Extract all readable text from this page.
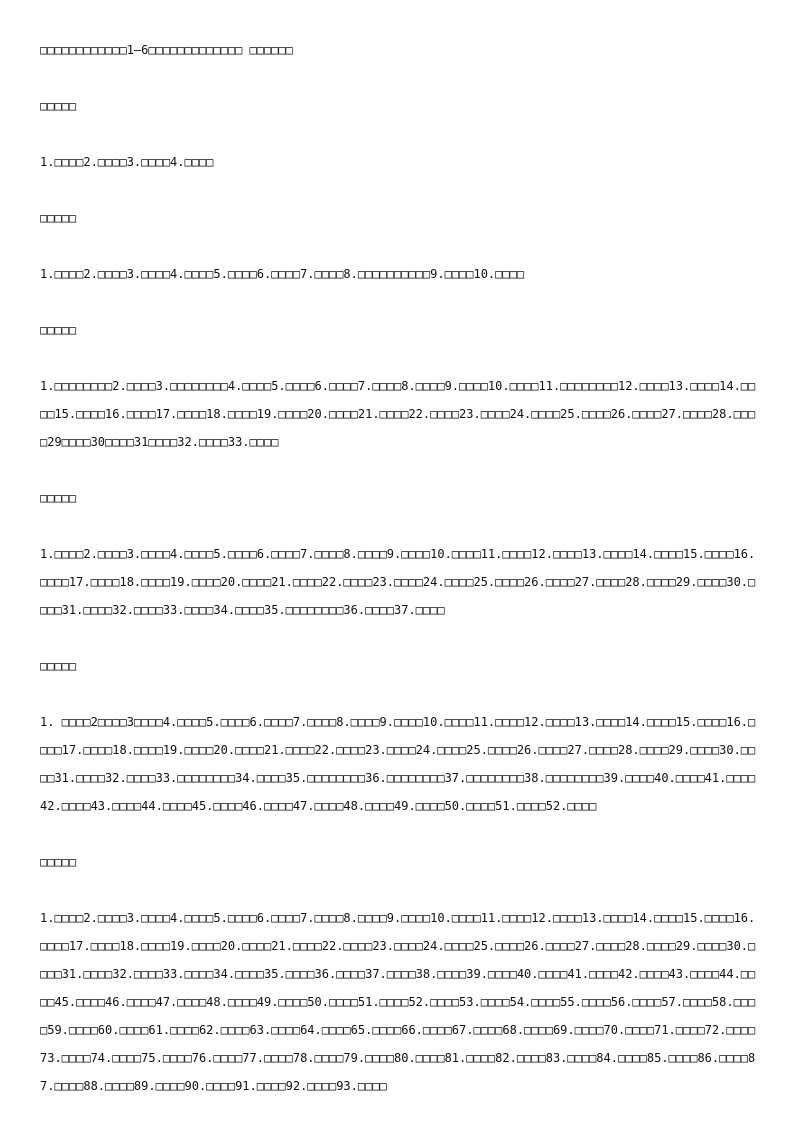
□□□□□□□□□□□□1—6□□□□□□□□□□□□□ □□□□□□
□□□□□
1.□□□□2.□□□□3.□□□□4.□□□□
□□□□□
1.□□□□2.□□□□3.□□□□4.□□□□5.□□□□6.□□□□7.□□□□8.□□□□□□□□□□9.□□□□10.□□□□
□□□□□
1.□□□□□□□□2.□□□□3.□□□□□□□□4.□□□□5.□□□□6.□□□□7.□□□□8.□□□□9.□□□□10.□□□□11.□□□□□□□□12.□□□□13.□□□□14.□□□□15.□□□□16.□□□□17.□□□□18.□□□□19.□□□□20.□□□□21.□□□□22.□□□□23.□□□□24.□□□□25.□□□□26.□□□□27.□□□□28.□□□□29□□□□30□□□□31□□□□32.□□□□33.□□□□
□□□□□
1.□□□□2.□□□□3.□□□□4.□□□□5.□□□□6.□□□□7.□□□□8.□□□□9.□□□□10.□□□□11.□□□□12.□□□□13.□□□□14.□□□□15.□□□□16.□□□□17.□□□□18.□□□□19.□□□□20.□□□□21.□□□□22.□□□□23.□□□□24.□□□□25.□□□□26.□□□□27.□□□□28.□□□□29.□□□□30.□□□□31.□□□□32.□□□□33.□□□□34.□□□□35.□□□□□□□□36.□□□□37.□□□□
□□□□□
1. □□□□2□□□□3□□□□4.□□□□5.□□□□6.□□□□7.□□□□8.□□□□9.□□□□10.□□□□11.□□□□12.□□□□13.□□□□14.□□□□15.□□□□16.□□□□17.□□□□18.□□□□19.□□□□20.□□□□21.□□□□22.□□□□23.□□□□24.□□□□25.□□□□26.□□□□27.□□□□28.□□□□29.□□□□30.□□□□31.□□□□32.□□□□33.□□□□□□□□34.□□□□35.□□□□□□□□36.□□□□□□□□37.□□□□□□□□38.□□□□□□□□39.□□□□40.□□□□41.□□□□42.□□□□43.□□□□44.□□□□45.□□□□46.□□□□47.□□□□48.□□□□49.□□□□50.□□□□51.□□□□52.□□□□
□□□□□
1.□□□□2.□□□□3.□□□□4.□□□□5.□□□□6.□□□□7.□□□□8.□□□□9.□□□□10.□□□□11.□□□□12.□□□□13.□□□□14.□□□□15.□□□□16.□□□□17.□□□□18.□□□□19.□□□□20.□□□□21.□□□□22.□□□□23.□□□□24.□□□□25.□□□□26.□□□□27.□□□□28.□□□□29.□□□□30.□□□□31.□□□□32.□□□□33.□□□□34.□□□□35.□□□□36.□□□□37.□□□□38.□□□□39.□□□□40.□□□□41.□□□□42.□□□□43.□□□□44.□□□□45.□□□□46.□□□□47.□□□□48.□□□□49.□□□□50.□□□□51.□□□□52.□□□□53.□□□□54.□□□□55.□□□□56.□□□□57.□□□□58.□□□□59.□□□□60.□□□□61.□□□□62.□□□□63.□□□□64.□□□□65.□□□□66.□□□□67.□□□□68.□□□□69.□□□□70.□□□□71.□□□□72.□□□□73.□□□□74.□□□□75.□□□□76.□□□□77.□□□□78.□□□□79.□□□□80.□□□□81.□□□□82.□□□□83.□□□□84.□□□□85.□□□□86.□□□□87.□□□□88.□□□□89.□□□□90.□□□□91.□□□□92.□□□□93.□□□□
